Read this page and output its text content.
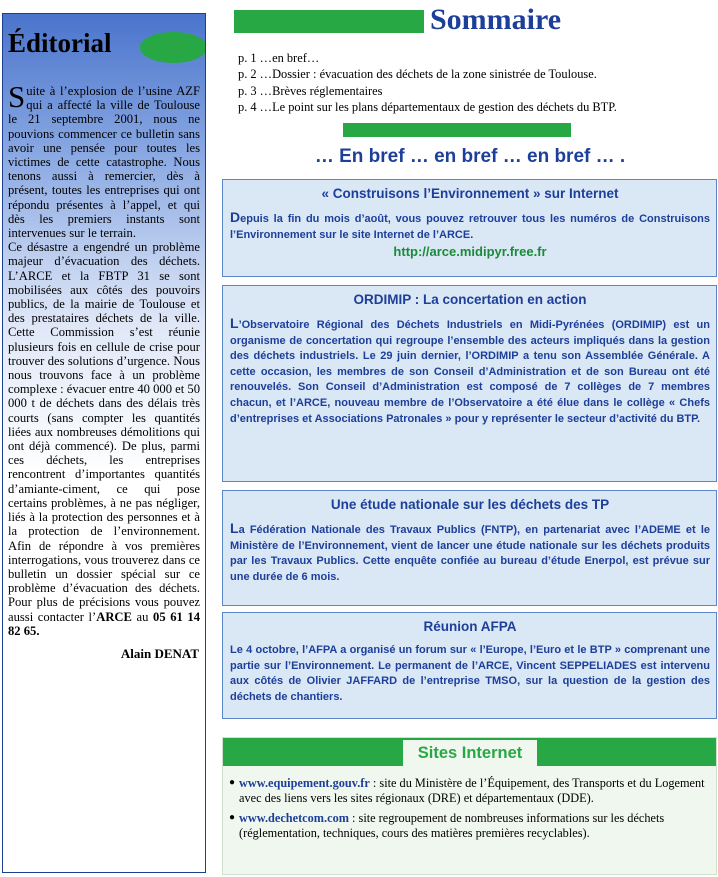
Éditorial
Suite à l’explosion de l’usine AZF qui a affecté la ville de Toulouse le 21 septembre 2001, nous ne pouvions commencer ce bulletin sans avoir une pensée pour toutes les victimes de cette catastrophe. Nous tenons aussi à remercier, dès à présent, toutes les entreprises qui ont répondu présentes à l’appel, et qui dès les premiers instants sont intervenues sur le terrain.
Ce désastre a engendré un problème majeur d’évacuation des déchets. L’ARCE et la FBTP 31 se sont mobilisées aux côtés des pouvoirs publics, de la mairie de Toulouse et des prestataires déchets de la ville. Cette Commission s’est réunie plusieurs fois en cellule de crise pour trouver des solutions d’urgence. Nous nous trouvons face à un problème complexe : évacuer entre 40 000 et 50 000 t de déchets dans des délais très courts (sans compter les quantités liées aux nombreuses démolitions qui ont déjà commencé). De plus, parmi ces déchets, les entreprises rencontrent d’importantes quantités d’amiante-ciment, ce qui pose certains problèmes, à ne pas négliger, liés à la protection des personnes et à la protection de l’environnement. Afin de répondre à vos premières interrogations, vous trouverez dans ce bulletin un dossier spécial sur ce problème d’évacuation des déchets. Pour plus de précisions vous pouvez aussi contacter l’ARCE au 05 61 14 82 65.
Alain DENAT
Sommaire
p. 1 …en bref…
p. 2 …Dossier : évacuation des déchets de la zone sinistrée de Toulouse.
p. 3 …Brèves réglementaires
p. 4 …Le point sur les plans départementaux de gestion des déchets du BTP.
… En bref … en bref … en bref … .
« Construisons l’Environnement » sur Internet

Depuis la fin du mois d’août, vous pouvez retrouver tous les numéros de Construisons l’Environnement sur le site Internet de l’ARCE.

http://arce.midipyr.free.fr
ORDIMIP : La concertation en action

L’Observatoire Régional des Déchets Industriels en Midi-Pyrénées (ORDIMIP) est un organisme de concertation qui regroupe l’ensemble des acteurs impliqués dans la gestion des déchets industriels. Le 29 juin dernier, l’ORDIMIP a tenu son Assemblée Générale. A cette occasion, les membres de son Conseil d’Administration et de son Bureau ont été renouvelés. Son Conseil d’Administration est composé de 7 collèges de 7 membres chacun, et l’ARCE, nouveau membre de l’Observatoire a été élue dans le collège « Chefs d’entreprises et Associations Patronales » pour y représenter le secteur d’activité du BTP.

Une étude nationale sur les déchets des TP

La Fédération Nationale des Travaux Publics (FNTP), en partenariat avec l’ADEME et le Ministère de l’Environnement, vient de lancer une étude nationale sur les déchets produits par les Travaux Publics. Cette enquête confiée au bureau d’étude Enerpol, est prévue sur une durée de 6 mois.

Réunion AFPA

Le 4 octobre, l’AFPA a organisé un forum sur « l’Europe, l’Euro et le BTP » comprenant une partie sur l’Environnement. Le permanent de l’ARCE, Vincent SEPPELIADES est intervenu aux côtés de Olivier JAFFARD de l’entreprise TMSO, sur la question de la gestion des déchets de chantiers.

Sites Internet
● www.equipement.gouv.fr : site du Ministère de l’Équipement, des Transports et du Logement avec des liens vers les sites régionaux (DRE) et départementaux (DDE).
● www.dechetcom.com : site regroupement de nombreuses informations sur les déchets (réglementation, techniques, cours des matières premières recyclables).
